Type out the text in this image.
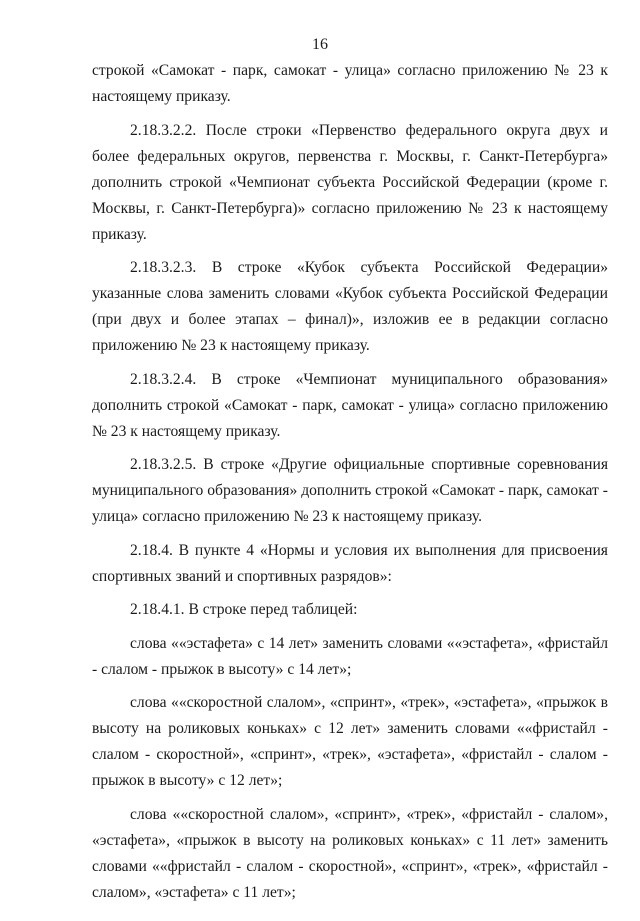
16

строкой «Самокат - парк, самокат - улица» согласно приложению № 23 к настоящему приказу.

2.18.3.2.2. После строки «Первенство федерального округа двух и более федеральных округов, первенства г. Москвы, г. Санкт-Петербурга» дополнить строкой «Чемпионат субъекта Российской Федерации (кроме г. Москвы, г. Санкт-Петербурга)» согласно приложению № 23 к настоящему приказу.

2.18.3.2.3. В строке «Кубок субъекта Российской Федерации» указанные слова заменить словами «Кубок субъекта Российской Федерации (при двух и более этапах – финал)», изложив ее в редакции согласно приложению № 23 к настоящему приказу.

2.18.3.2.4. В строке «Чемпионат муниципального образования» дополнить строкой «Самокат - парк, самокат - улица» согласно приложению № 23 к настоящему приказу.

2.18.3.2.5. В строке «Другие официальные спортивные соревнования муниципального образования» дополнить строкой «Самокат - парк, самокат - улица» согласно приложению № 23 к настоящему приказу.

2.18.4. В пункте 4 «Нормы и условия их выполнения для присвоения спортивных званий и спортивных разрядов»:

2.18.4.1. В строке перед таблицей:

слова ««эстафета» с 14 лет» заменить словами ««эстафета», «фристайл - слалом - прыжок в высоту» с 14 лет»;

слова ««скоростной слалом», «спринт», «трек», «эстафета», «прыжок в высоту на роликовых коньках» с 12 лет» заменить словами ««фристайл - слалом - скоростной», «спринт», «трек», «эстафета», «фристайл - слалом - прыжок в высоту» с 12 лет»;

слова ««скоростной слалом», «спринт», «трек», «фристайл - слалом», «эстафета», «прыжок в высоту на роликовых коньках» с 11 лет» заменить словами ««фристайл - слалом - скоростной», «спринт», «трек», «фристайл - слалом», «эстафета» с 11 лет»;
